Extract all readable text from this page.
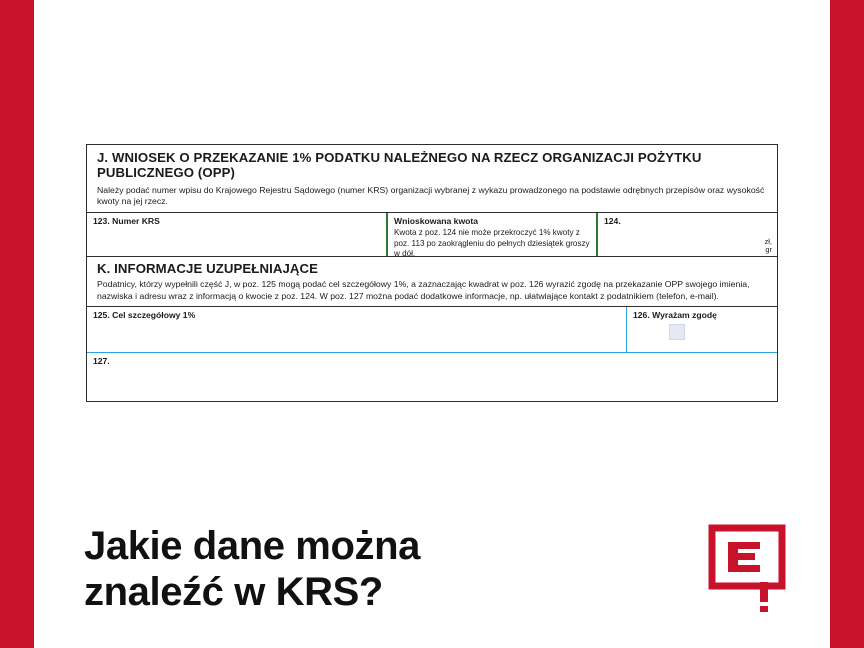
J. WNIOSEK O PRZEKAZANIE 1% PODATKU NALEŻNEGO NA RZECZ ORGANIZACJI POŻYTKU PUBLICZNEGO (OPP)
Należy podać numer wpisu do Krajowego Rejestru Sądowego (numer KRS) organizacji wybranej z wykazu prowadzonego na podstawie odrębnych przepisów oraz wysokość kwoty na jej rzecz.
123. Numer KRS	Wnioskowana kwota
Kwota z poz. 124 nie może przekroczyć 1% kwoty z poz. 113 po zaokrągleniu do pełnych dziesiątek groszy w dół.
124.
zł,
gr
K. INFORMACJE UZUPEŁNIAJĄCE
Podatnicy, którzy wypełnili część J, w poz. 125 mogą podać cel szczegółowy 1%, a zaznaczając kwadrat w poz. 126 wyrazić zgodę na przekazanie OPP swojego imienia, nazwiska i adresu wraz z informacją o kwocie z poz. 124. W poz. 127 można podać dodatkowe informacje, np. ułatwiające kontakt z podatnikiem (telefon, e-mail).
125. Cel szczegółowy 1%	126. Wyrażam zgodę
127.
Jakie dane można
znaleźć w KRS?
